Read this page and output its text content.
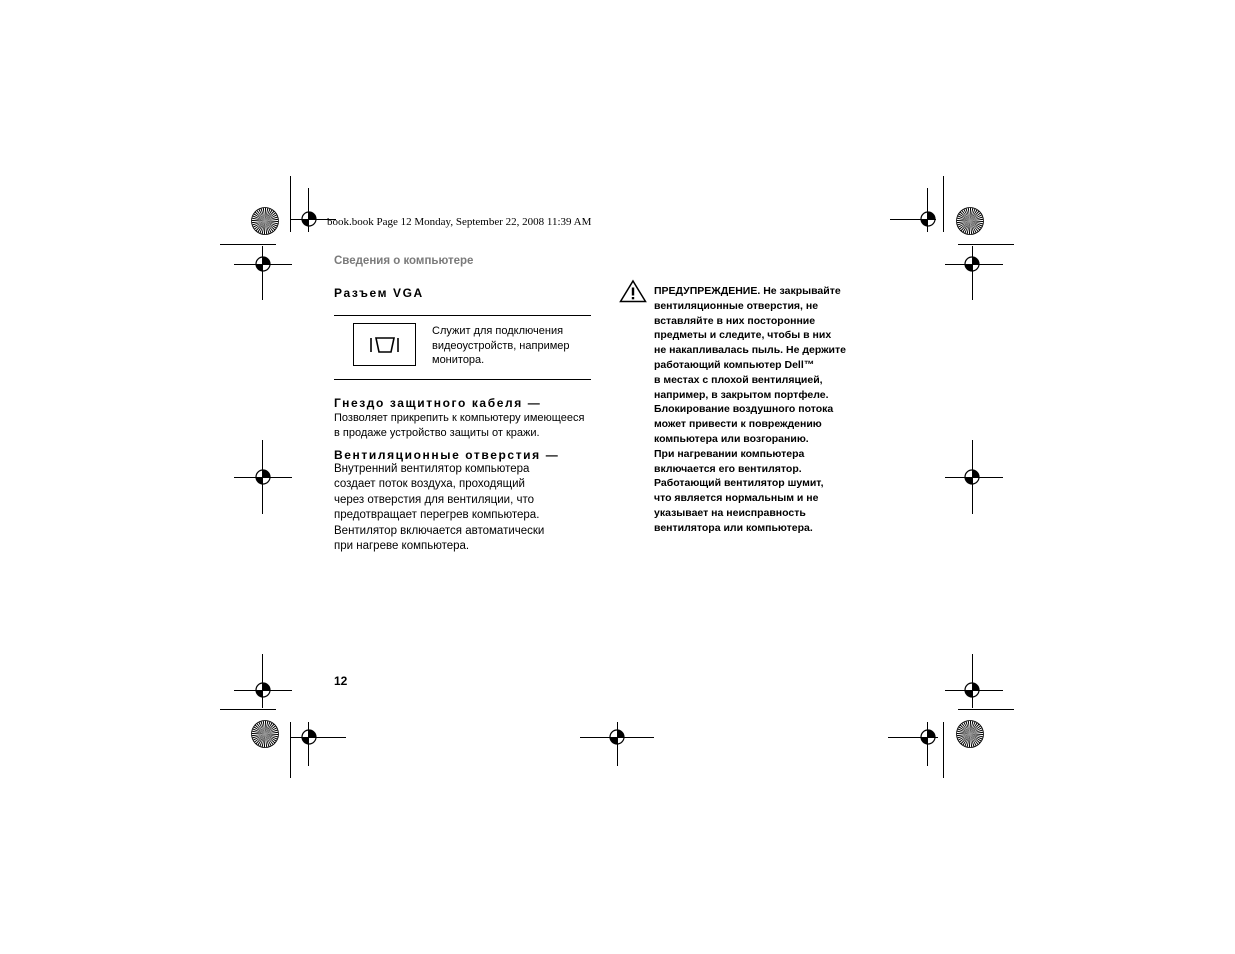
book.book Page 12 Monday, September 22, 2008 11:39 AM
Сведения о компьютере
Разъем VGA
Служит для подключения
видеоустройств, например
монитора.
Гнездо защитного кабеля —
Позволяет прикрепить к компьютеру имеющееся
в продаже устройство защиты от кражи.
Вентиляционные отверстия —
Внутренний вентилятор компьютера
создает поток воздуха, проходящий
через отверстия для вентиляции, что
предотвращает перегрев компьютера.
Вентилятор включается автоматически
при нагреве компьютера.
ПРЕДУПРЕЖДЕНИЕ. Не закрывайте
вентиляционные отверстия, не
вставляйте в них посторонние
предметы и следите, чтобы в них
не накапливалась пыль. Не держите
работающий компьютер Dell™
в местах с плохой вентиляцией,
например, в закрытом портфеле.
Блокирование воздушного потока
может привести к повреждению
компьютера или возгоранию.
При нагревании компьютера
включается его вентилятор.
Работающий вентилятор шумит,
что является нормальным и не
указывает на неисправность
вентилятора или компьютера.
12
